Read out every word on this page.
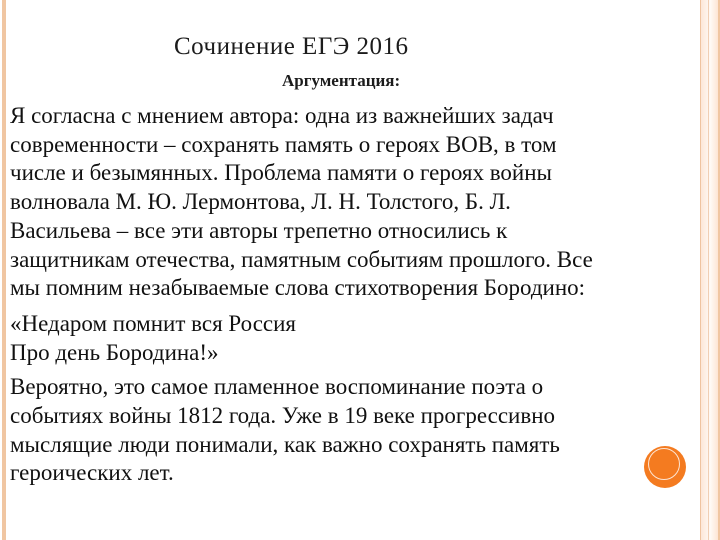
Сочинение ЕГЭ 2016
Аргументация:

Я согласна с мнением автора: одна из важнейших задач
современности – сохранять память о героях ВОВ, в том
числе и безымянных. Проблема памяти о героях войны
волновала М. Ю. Лермонтова, Л. Н. Толстого, Б. Л.
Васильева – все эти авторы трепетно относились к
защитникам отечества, памятным событиям прошлого. Все
мы помним незабываемые слова стихотворения Бородино:

«Недаром помнит вся Россия
Про день Бородина!»

Вероятно, это самое пламенное воспоминание поэта о
событиях войны 1812 года. Уже в 19 веке прогрессивно
мыслящие люди понимали, как важно сохранять память
героических лет.
